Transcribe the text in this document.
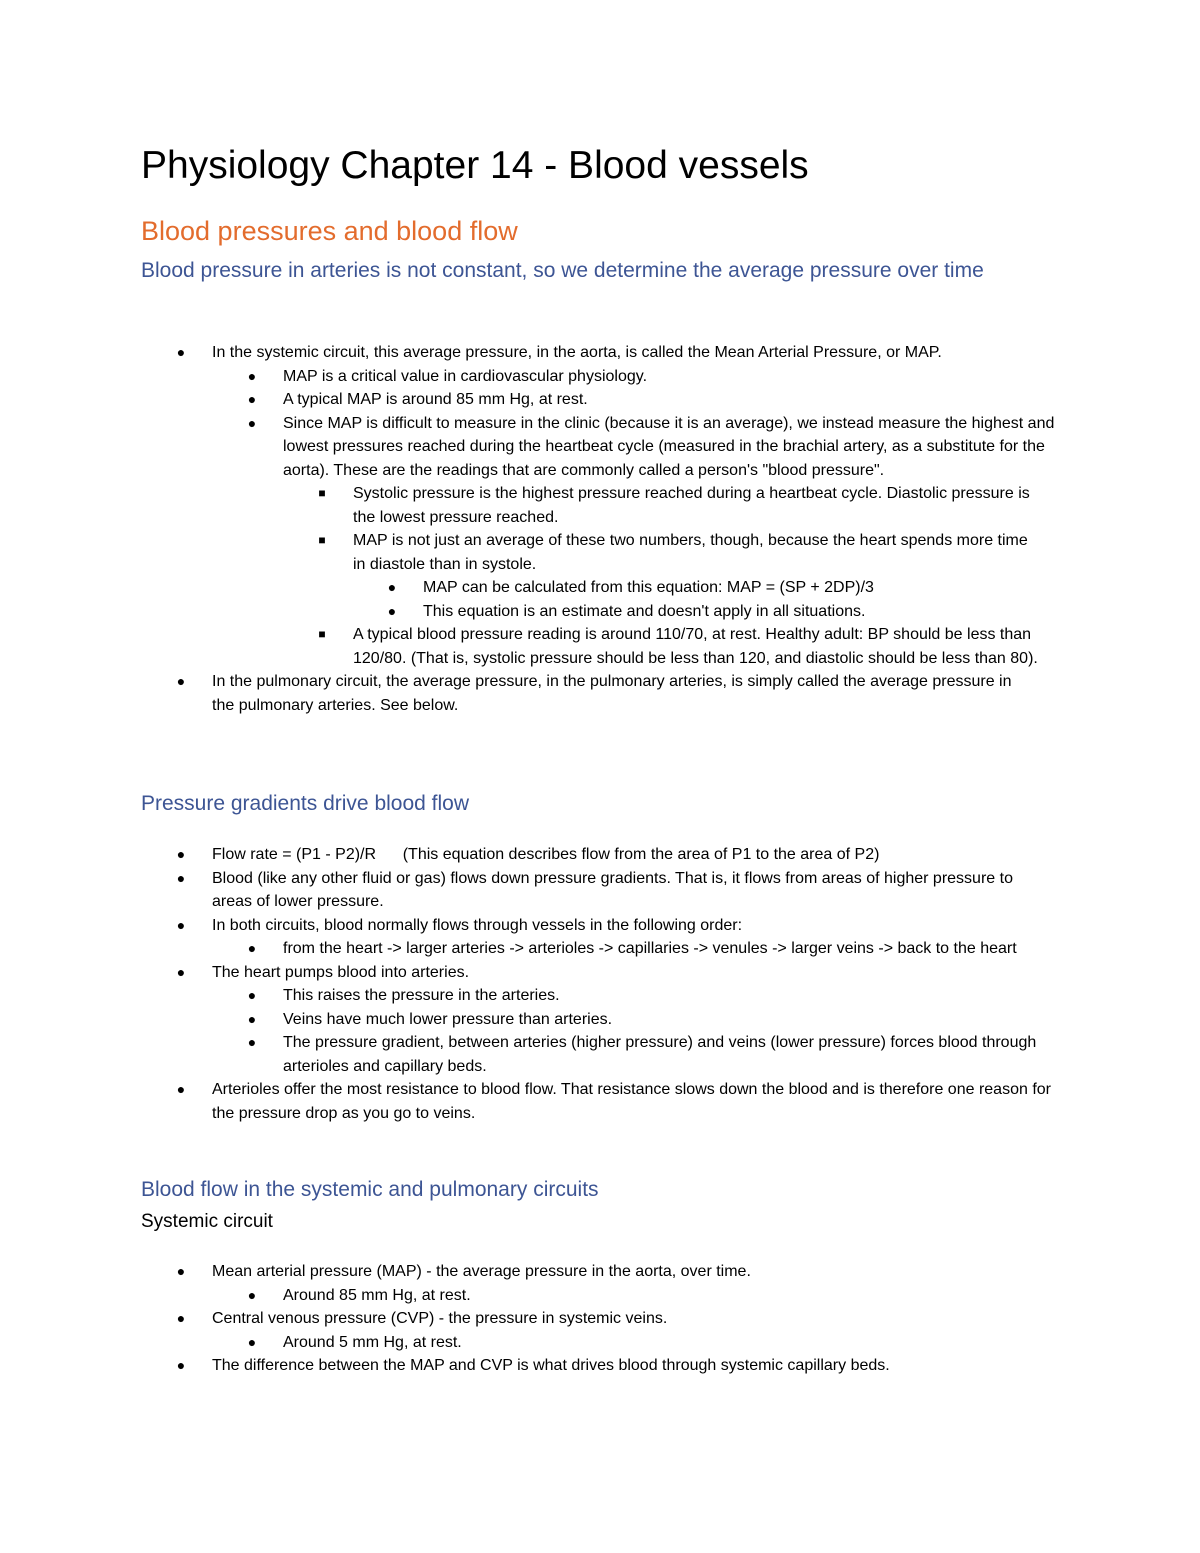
Physiology Chapter 14 - Blood vessels
Blood pressures and blood flow
Blood pressure in arteries is not constant, so we determine the average pressure over time
● In the systemic circuit, this average pressure, in the aorta, is called the Mean Arterial Pressure, or MAP.
● MAP is a critical value in cardiovascular physiology.
● A typical MAP is around 85 mm Hg, at rest.
● Since MAP is difficult to measure in the clinic (because it is an average), we instead measure the highest and lowest pressures reached during the heartbeat cycle (measured in the brachial artery, as a substitute for the aorta). These are the readings that are commonly called a person's "blood pressure".
■ Systolic pressure is the highest pressure reached during a heartbeat cycle. Diastolic pressure is the lowest pressure reached.
■ MAP is not just an average of these two numbers, though, because the heart spends more time in diastole than in systole.
● MAP can be calculated from this equation: MAP = (SP + 2DP)/3
● This equation is an estimate and doesn't apply in all situations.
■ A typical blood pressure reading is around 110/70, at rest. Healthy adult: BP should be less than 120/80. (That is, systolic pressure should be less than 120, and diastolic should be less than 80).
● In the pulmonary circuit, the average pressure, in the pulmonary arteries, is simply called the average pressure in the pulmonary arteries. See below.
Pressure gradients drive blood flow
● Flow rate = (P1 - P2)/R      (This equation describes flow from the area of P1 to the area of P2)
● Blood (like any other fluid or gas) flows down pressure gradients. That is, it flows from areas of higher pressure to areas of lower pressure.
● In both circuits, blood normally flows through vessels in the following order:
● from the heart -> larger arteries -> arterioles -> capillaries -> venules -> larger veins -> back to the heart
● The heart pumps blood into arteries.
● This raises the pressure in the arteries.
● Veins have much lower pressure than arteries.
● The pressure gradient, between arteries (higher pressure) and veins (lower pressure) forces blood through arterioles and capillary beds.
● Arterioles offer the most resistance to blood flow. That resistance slows down the blood and is therefore one reason for the pressure drop as you go to veins.
Blood flow in the systemic and pulmonary circuits
Systemic circuit
● Mean arterial pressure (MAP) - the average pressure in the aorta, over time.
● Around 85 mm Hg, at rest.
● Central venous pressure (CVP) - the pressure in systemic veins.
● Around 5 mm Hg, at rest.
● The difference between the MAP and CVP is what drives blood through systemic capillary beds.
